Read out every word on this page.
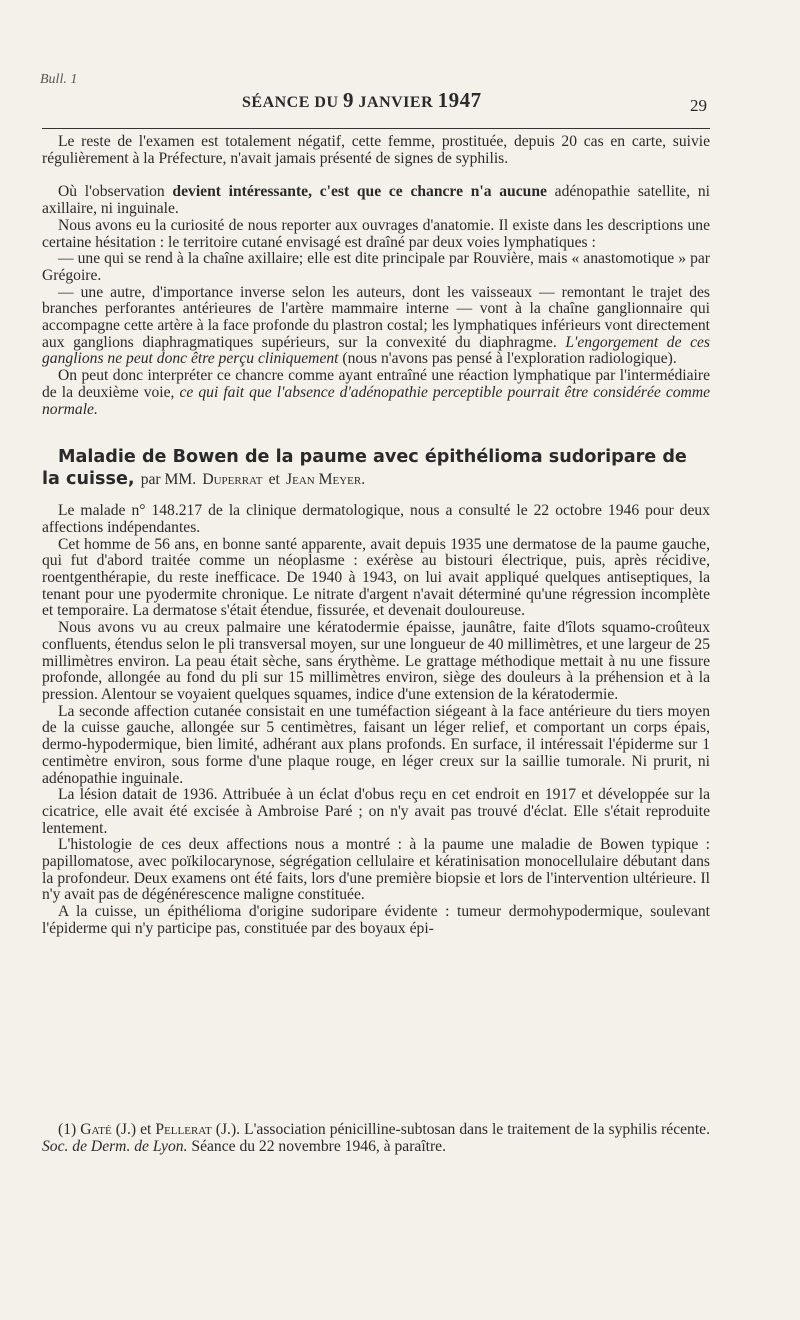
Bull. 1
SÉANCE DU 9 JANVIER 1947	29

Le reste de l'examen est totalement négatif, cette femme, prostituée, depuis 20 cas en carte, suivie régulièrement à la Préfecture, n'avait jamais présenté de signes de syphilis.

Où l'observation devient intéressante, c'est que ce chancre n'a aucune adénopathie satellite, ni axillaire, ni inguinale.

Nous avons eu la curiosité de nous reporter aux ouvrages d'anatomie. Il existe dans les descriptions une certaine hésitation : le territoire cutané envisagé est draîné par deux voies lymphatiques :

— une qui se rend à la chaîne axillaire; elle est dite principale par Rouvière, mais « anastomotique » par Grégoire.

— une autre, d'importance inverse selon les auteurs, dont les vaisseaux — remontant le trajet des branches perforantes antérieures de l'artère mammaire interne — vont à la chaîne ganglionnaire qui accompagne cette artère à la face profonde du plastron costal; les lymphatiques inférieurs vont directement aux ganglions diaphragmatiques supérieurs, sur la convexité du diaphragme. L'engorgement de ces ganglions ne peut donc être perçu cliniquement (nous n'avons pas pensé à l'exploration radiologique).

On peut donc interpréter ce chancre comme ayant entraîné une réaction lymphatique par l'intermédiaire de la deuxième voie, ce qui fait que l'absence d'adénopathie perceptible pourrait être considérée comme normale.

Maladie de Bowen de la paume avec épithélioma sudoripare de la cuisse, par MM. Duperrat et Jean Meyer.

Le malade n° 148.217 de la clinique dermatologique, nous a consulté le 22 octobre 1946 pour deux affections indépendantes.

Cet homme de 56 ans, en bonne santé apparente, avait depuis 1935 une dermatose de la paume gauche, qui fut d'abord traitée comme un néoplasme : exérèse au bistouri électrique, puis, après récidive, roentgenthérapie, du reste inefficace. De 1940 à 1943, on lui avait appliqué quelques antiseptiques, la tenant pour une pyodermite chronique. Le nitrate d'argent n'avait déterminé qu'une régression incomplète et temporaire. La dermatose s'était étendue, fissurée, et devenait douloureuse.

Nous avons vu au creux palmaire une kératodermie épaisse, jaunâtre, faite d'îlots squamo-croûteux confluents, étendus selon le pli transversal moyen, sur une longueur de 40 millimètres, et une largeur de 25 millimètres environ. La peau était sèche, sans érythème. Le grattage méthodique mettait à nu une fissure profonde, allongée au fond du pli sur 15 millimètres environ, siège des douleurs à la préhension et à la pression. Alentour se voyaient quelques squames, indice d'une extension de la kératodermie.

La seconde affection cutanée consistait en une tuméfaction siégeant à la face antérieure du tiers moyen de la cuisse gauche, allongée sur 5 centimètres, faisant un léger relief, et comportant un corps épais, dermo-hypodermique, bien limité, adhérant aux plans profonds. En surface, il intéressait l'épiderme sur 1 centimètre environ, sous forme d'une plaque rouge, en léger creux sur la saillie tumorale. Ni prurit, ni adénopathie inguinale.

La lésion datait de 1936. Attribuée à un éclat d'obus reçu en cet endroit en 1917 et développée sur la cicatrice, elle avait été excisée à Ambroise Paré ; on n'y avait pas trouvé d'éclat. Elle s'était reproduite lentement.

L'histologie de ces deux affections nous a montré : à la paume une maladie de Bowen typique : papillomatose, avec poïkilocarynose, ségrégation cellulaire et kératinisation monocellulaire débutant dans la profondeur. Deux examens ont été faits, lors d'une première biopsie et lors de l'intervention ultérieure. Il n'y avait pas de dégénérescence maligne constituée.

A la cuisse, un épithélioma d'origine sudoripare évidente : tumeur dermohypodermique, soulevant l'épiderme qui n'y participe pas, constituée par des boyaux épi-

(1) Gaté (J.) et Pellerat (J.). L'association pénicilline-subtosan dans le traitement de la syphilis récente. Soc. de Derm. de Lyon. Séance du 22 novembre 1946, à paraître.
